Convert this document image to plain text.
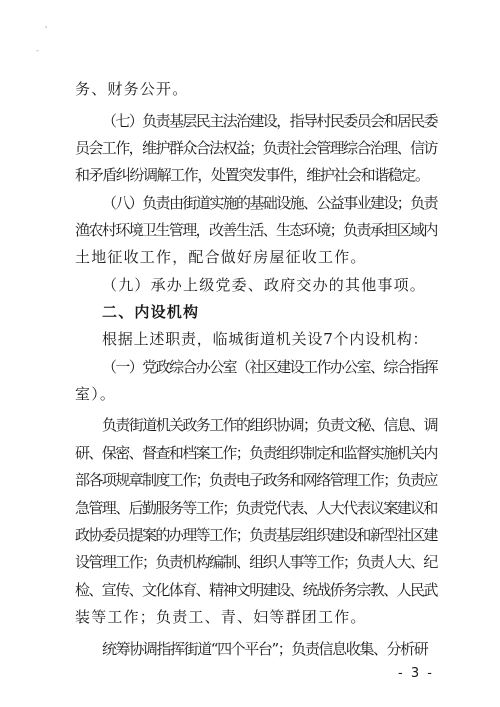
`
-

务、财务公开。

（七）负责基层民主法治建设，指导村民委员会和居民委

员会工作，维护群众合法权益；负责社会管理综合治理、信访

和矛盾纠纷调解工作，处置突发事件，维护社会和谐稳定。

（八）负责由街道实施的基础设施、公益事业建设；负责

渔农村环境卫生管理，改善生活、生态环境；负责承担区域内

土地征收工作，配合做好房屋征收工作。

（九）承办上级党委、政府交办的其他事项。

二、内设机构

根据上述职责，临城街道机关设7个内设机构：

（一）党政综合办公室（社区建设工作办公室、综合指挥

室）。

负责街道机关政务工作的组织协调；负责文秘、信息、调

研、保密、督查和档案工作；负责组织制定和监督实施机关内

部各项规章制度工作；负责电子政务和网络管理工作；负责应

急管理、后勤服务等工作；负责党代表、人大代表议案建议和

政协委员提案的办理等工作；负责基层组织建设和新型社区建

设管理工作；负责机构编制、组织人事等工作；负责人大、纪

检、宣传、文化体育、精神文明建设、统战侨务宗教、人民武

装等工作；负责工、青、妇等群团工作。

统筹协调指挥街道“四个平台”；负责信息收集、分析研

- 3 -
